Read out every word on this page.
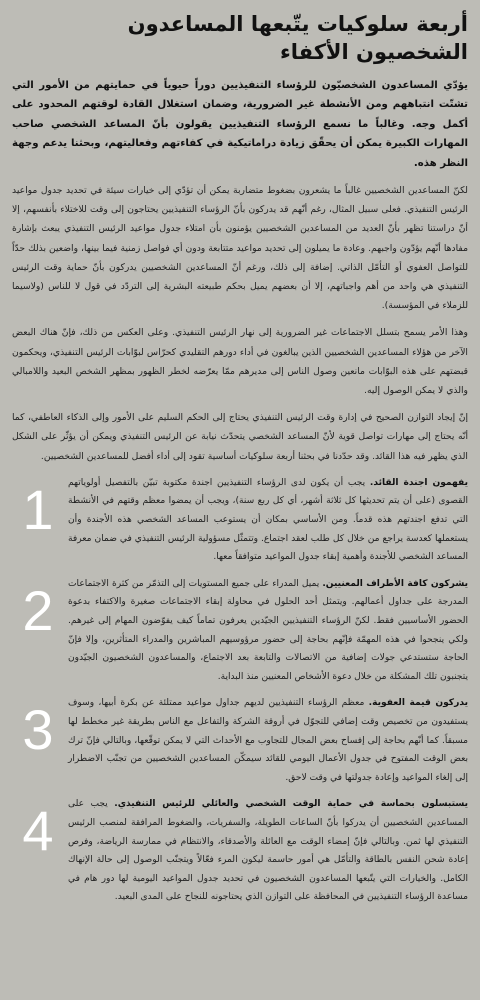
أربعة سلوكيات يتّبعها المساعدون الشخصيون الأكفاء

يؤدّي المساعدون الشخصيّون للرؤساء التنفيذيين دوراً حيوياً في حمايتهم من الأمور التي تشتّت انتباههم ومن الأنشطة غير الضرورية، وضمان استغلال القادة لوقتهم المحدود على أكمل وجه. وغالباً ما نسمع الرؤساء التنفيذيين يقولون بأنّ المساعد الشخصي صاحب المهارات الكبيرة يمكن أن يحقّق زيادة دراماتيكية في كفاءتهم وفعاليتهم، وبحثنا يدعم وجهة النظر هذه.

لكنّ المساعدين الشخصيين غالباً ما يشعرون بضغوط متضاربة يمكن أن تؤدّي إلى خيارات سيئة في تحديد جدول مواعيد الرئيس التنفيذي. فعلى سبيل المثال، رغم أنّهم قد يدركون بأنّ الرؤساء التنفيذيين يحتاجون إلى وقت للاختلاء بأنفسهم، إلا أنّ دراستنا تظهر بأنّ العديد من المساعدين الشخصيين يؤمنون بأن امتلاء جدول مواعيد الرئيس التنفيذي يبعث بإشارة مفادها أنّهم يؤدّون واجبهم. وعادة ما يميلون إلى تحديد مواعيد متتابعة ودون أي فواصل زمنية فيما بينها، واضعين بذلك حدّاً للتواصل العفوي أو التأمّل الذاتي. إضافة إلى ذلك، ورغم أنّ المساعدين الشخصيين يدركون بأنّ حماية وقت الرئيس التنفيذي هي واحد من أهم واجباتهم، إلا أن بعضهم يميل بحكم طبيعته البشرية إلى التردّد في قول لا للناس (ولاسيما للزملاء في المؤسسة).

وهذا الأمر يسمح بتسلل الاجتماعات غير الضرورية إلى نهار الرئيس التنفيذي. وعلى العكس من ذلك، فإنّ هناك البعض الآخر من هؤلاء المساعدين الشخصيين الذين يبالغون في أداء دورهم التقليدي كحرّاس لبوّابات الرئيس التنفيذي، ويحكمون قبضتهم على هذه البوّابات مانعين وصول الناس إلى مديرهم ممّا يعرّضه لخطر الظهور بمظهر الشخص البعيد واللامبالي والذي لا يمكن الوصول إليه.

إنّ إيجاد التوازن الصحيح في إدارة وقت الرئيس التنفيذي يحتاج إلى الحكم السليم على الأمور وإلى الذكاء العاطفي، كما أنّه يحتاج إلى مهارات تواصل قوية لأنّ المساعد الشخصي يتحدّث نيابة عن الرئيس التنفيذي ويمكن أن يؤثّر على الشكل الذي يظهر فيه هذا القائد. وقد حدّدنا في بحثنا أربعة سلوكيات أساسية تقود إلى أداء أفضل للمساعدين الشخصيين.

يفهمون اجندة القائد. يجب أن يكون لدى الرؤساء التنفيذيين اجندة مكتوبة تبيّن بالتفصيل أولوياتهم القصوى (على أن يتم تحديثها كل ثلاثة أشهر، أي كل ربع سنة)، ويجب أن يمضوا معظم وقتهم في الأنشطة التي تدفع اجندتهم هذه قدماً. ومن الأساسي بمكان أن يستوعب المساعد الشخصي هذه الأجندة وأن يستعملها كعدسة يراجع من خلال كل طلب لعقد اجتماع. وتتمثّل مسؤولية الرئيس التنفيذي في ضمان معرفة المساعد الشخصي للأجندة وأهمية إبقاء جدول المواعيد متوافقاً معها.

1

يشركون كافة الأطراف المعنيين. يميل المدراء على جميع المستويات إلى التذمّر من كثرة الاجتماعات المدرجة على جداول أعمالهم. ويتمثل أحد الحلول في محاولة إبقاء الاجتماعات صغيرة والاكتفاء بدعوة الحضور الأساسيين فقط. لكنّ الرؤساء التنفيذيين الجيّدين يعرفون تماماً كيف يفوّضون المهام إلى غيرهم. ولكي ينجحوا في هذه المهمّة فإنّهم بحاجة إلى حضور مرؤوسيهم المباشرين والمدراء المتأثرين، وإلا فإنّ الحاجة ستستدعي جولات إضافية من الاتصالات والتابعة بعد الاجتماع، والمساعدون الشخصيون الجيّدون يتجنبون تلك المشكلة من خلال دعوة الأشخاص المعنيين منذ البداية.

2

يدركون قيمة العفوية. معظم الرؤساء التنفيذيين لديهم جداول مواعيد ممتلئة عن بكرة أبيها، وسوف يستفيدون من تخصيص وقت إضافي للتجوّل في أروقة الشركة والتفاعل مع الناس بطريقة غير مخطط لها مسبقاً. كما أنّهم بحاجة إلى إفساح بعض المجال للتجاوب مع الأحداث التي لا يمكن توقّعها، وبالتالي فإنّ ترك بعض الوقت المفتوح في جدول الأعمال اليومي للقائد سيمكّن المساعدين الشخصيين من تجنّب الاضطرار إلى إلغاء المواعيد وإعادة جدولتها في وقت لاحق.

3

يستبسلون بحماسة في حماية الوقت الشخصي والعائلي للرئيس التنفيذي. يجب على المساعدين الشخصيين أن يدركوا بأنّ الساعات الطويلة، والسفريات، والضغوط المرافقة لمنصب الرئيس التنفيذي لها ثمن. وبالتالي فإنّ إمضاء الوقت مع العائلة والأصدقاء، والانتظام في ممارسة الرياضة، وفرص إعادة شحن النفس بالطاقة والتأمّل هي أمور حاسمة ليكون المرء فعّالاً ويتجنّب الوصول إلى حالة الإنهاك الكامل. والخيارات التي يتّبعها المساعدون الشخصيون في تحديد جدول المواعيد اليومية لها دور هام في مساعدة الرؤساء التنفيذيين في المحافظة على التوازن الذي يحتاجونه للنجاح على المدى البعيد.

4
